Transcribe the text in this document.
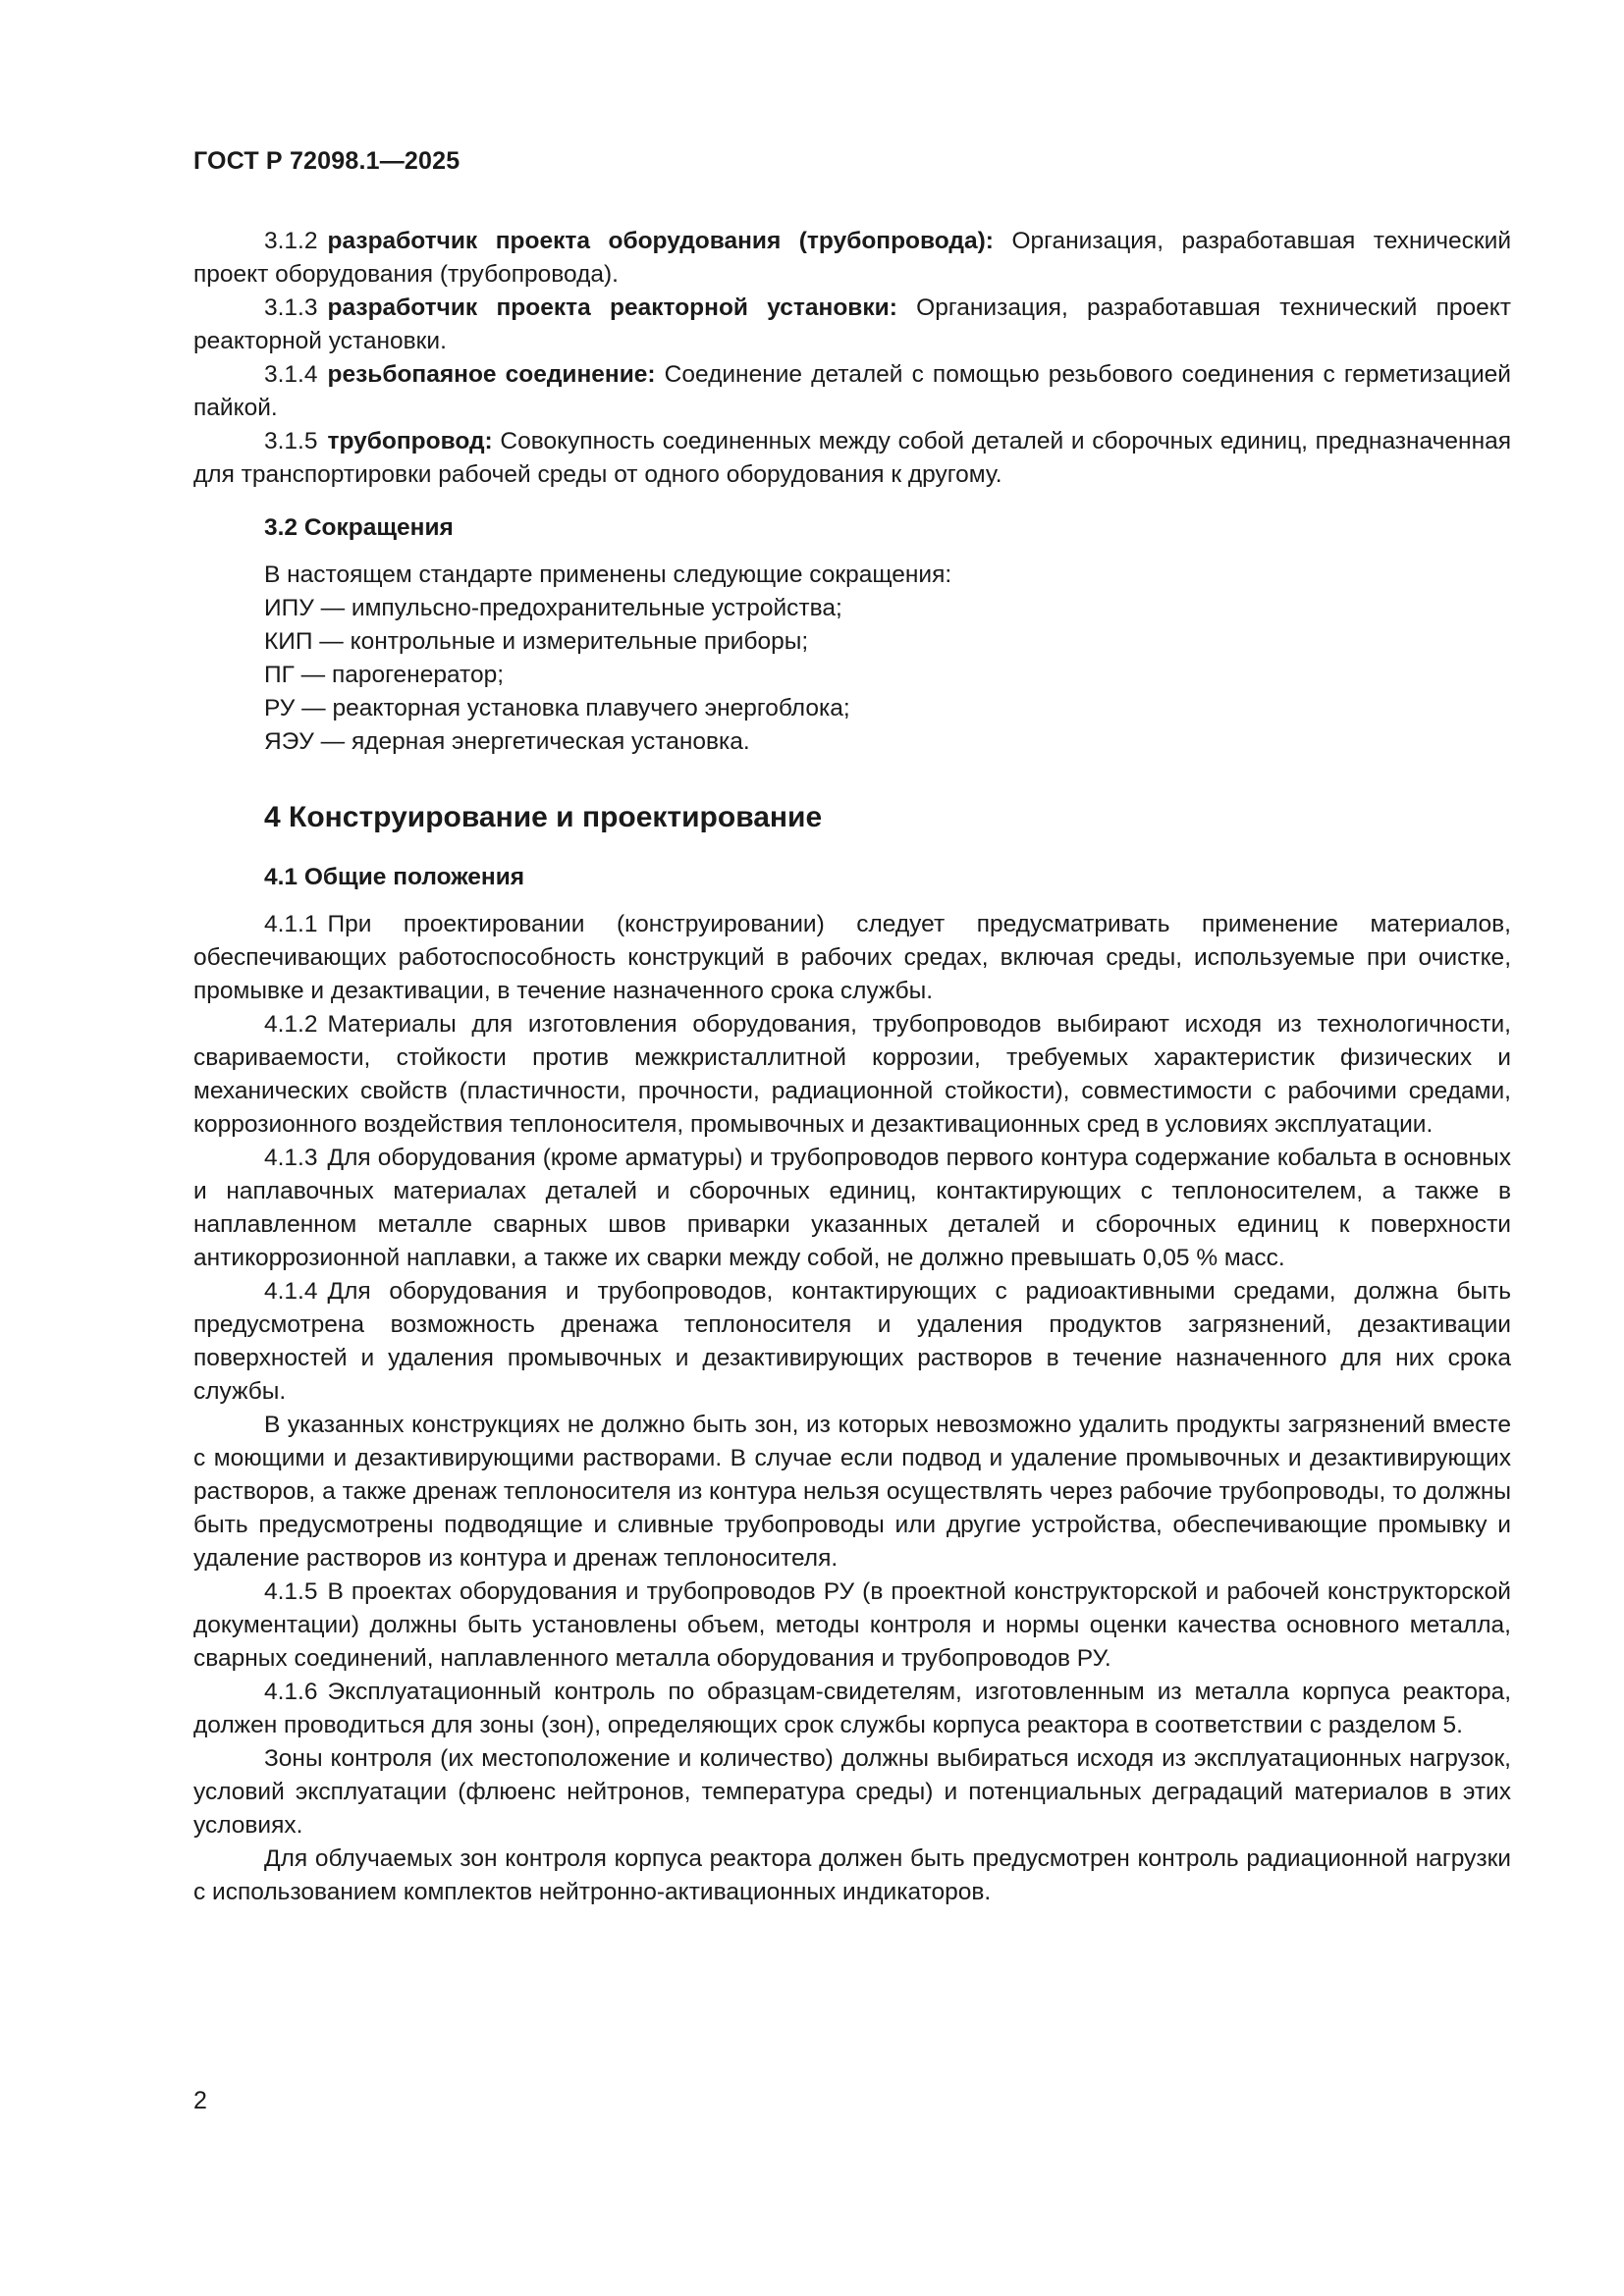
ГОСТ Р 72098.1—2025

3.1.2 разработчик проекта оборудования (трубопровода): Организация, разработавшая технический проект оборудования (трубопровода).

3.1.3 разработчик проекта реакторной установки: Организация, разработавшая технический проект реакторной установки.

3.1.4 резьбопаяное соединение: Соединение деталей с помощью резьбового соединения с герметизацией пайкой.

3.1.5 трубопровод: Совокупность соединенных между собой деталей и сборочных единиц, предназначенная для транспортировки рабочей среды от одного оборудования к другому.

3.2 Сокращения

В настоящем стандарте применены следующие сокращения:

ИПУ — импульсно-предохранительные устройства;

КИП — контрольные и измерительные приборы;

ПГ — парогенератор;

РУ — реакторная установка плавучего энергоблока;

ЯЭУ — ядерная энергетическая установка.

4 Конструирование и проектирование
4.1 Общие положения

4.1.1 При проектировании (конструировании) следует предусматривать применение материалов, обеспечивающих работоспособность конструкций в рабочих средах, включая среды, используемые при очистке, промывке и дезактивации, в течение назначенного срока службы.

4.1.2 Материалы для изготовления оборудования, трубопроводов выбирают исходя из технологичности, свариваемости, стойкости против межкристаллитной коррозии, требуемых характеристик физических и механических свойств (пластичности, прочности, радиационной стойкости), совместимости с рабочими средами, коррозионного воздействия теплоносителя, промывочных и дезактивационных сред в условиях эксплуатации.

4.1.3 Для оборудования (кроме арматуры) и трубопроводов первого контура содержание кобальта в основных и наплавочных материалах деталей и сборочных единиц, контактирующих с теплоносителем, а также в наплавленном металле сварных швов приварки указанных деталей и сборочных единиц к поверхности антикоррозионной наплавки, а также их сварки между собой, не должно превышать 0,05 % масс.

4.1.4 Для оборудования и трубопроводов, контактирующих с радиоактивными средами, должна быть предусмотрена возможность дренажа теплоносителя и удаления продуктов загрязнений, дезактивации поверхностей и удаления промывочных и дезактивирующих растворов в течение назначенного для них срока службы.

В указанных конструкциях не должно быть зон, из которых невозможно удалить продукты загрязнений вместе с моющими и дезактивирующими растворами. В случае если подвод и удаление промывочных и дезактивирующих растворов, а также дренаж теплоносителя из контура нельзя осуществлять через рабочие трубопроводы, то должны быть предусмотрены подводящие и сливные трубопроводы или другие устройства, обеспечивающие промывку и удаление растворов из контура и дренаж теплоносителя.

4.1.5 В проектах оборудования и трубопроводов РУ (в проектной конструкторской и рабочей конструкторской документации) должны быть установлены объем, методы контроля и нормы оценки качества основного металла, сварных соединений, наплавленного металла оборудования и трубопроводов РУ.

4.1.6 Эксплуатационный контроль по образцам-свидетелям, изготовленным из металла корпуса реактора, должен проводиться для зоны (зон), определяющих срок службы корпуса реактора в соответствии с разделом 5.

Зоны контроля (их местоположение и количество) должны выбираться исходя из эксплуатационных нагрузок, условий эксплуатации (флюенс нейтронов, температура среды) и потенциальных деградаций материалов в этих условиях.

Для облучаемых зон контроля корпуса реактора должен быть предусмотрен контроль радиационной нагрузки с использованием комплектов нейтронно-активационных индикаторов.

2
